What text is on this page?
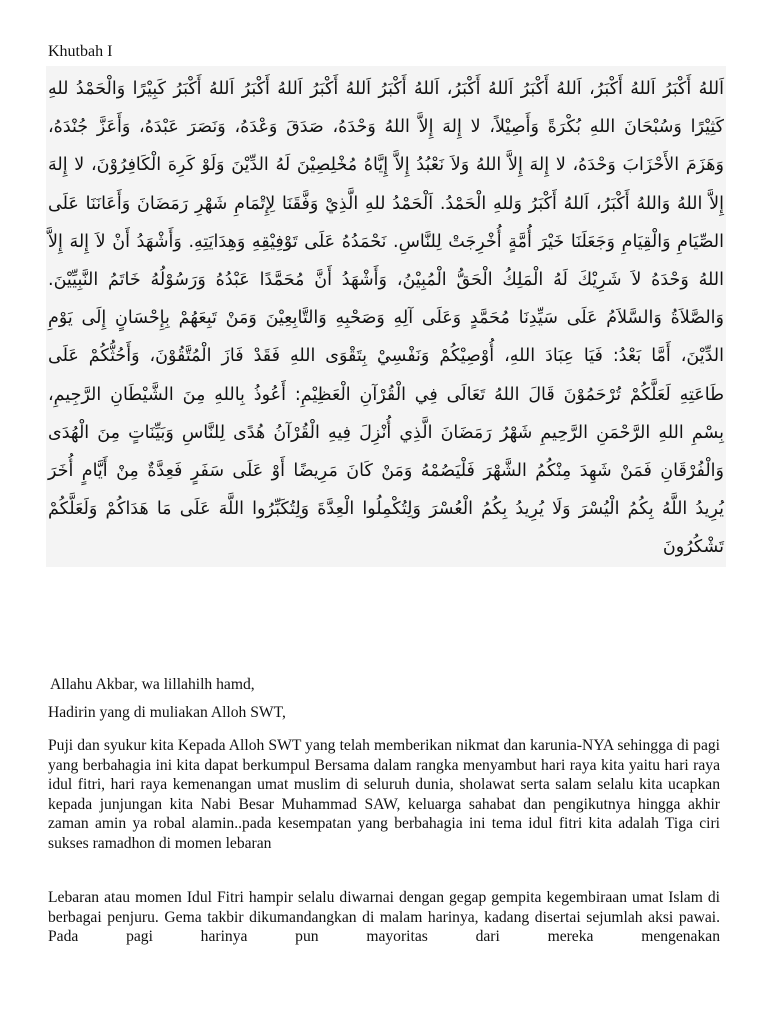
Khutbah I
اَللهُ أَكْبَرُ اَللهُ أَكْبَرُ، اَللهُ أَكْبَرُ اَللهُ أَكْبَرُ، اَللهُ أَكْبَرُ اَللهُ أَكْبَرُ اَللهُ أَكْبَرُ اَللهُ أَكْبَرُ كَبِيْرًا وَالْحَمْدُ للهِ كَثِيْرًا وَسُبْحَانَ اللهِ بُكْرَةً وَأَصِيْلاً، لا إِلهَ إِلاَّ اللهُ وَحْدَهُ، صَدَقَ وَعْدَهُ، وَنَصَرَ عَبْدَهُ، وَأَعَزَّ جُنْدَهُ، وَهَزَمَ الأَحْزَابَ وَحْدَهُ، لا إِلهَ إِلاَّ اللهُ وَلاَ نَعْبُدُ إِلاَّ إِيَّاهُ مُخْلِصِيْنَ لَهُ الدِّيْنَ وَلَوْ كَرِهَ الْكَافِرُوْنَ، لا إِلهَ إِلاَّ اللهُ وَاللهُ أَكْبَرُ، اَللهُ أَكْبَرُ وَللهِ الْحَمْدُ. اَلْحَمْدُ للهِ الَّذِيْ وَفَّقَنَا لِإِتْمَامِ شَهْرِ رَمَضَانَ وَأَعَانَنَا عَلَى الصِّيَامِ وَالْقِيَامِ وَجَعَلَنَا خَيْرَ أُمَّةٍ أُخْرِجَتْ لِلنَّاسِ. نَحْمَدُهُ عَلَى تَوْفِيْقِهِ وَهِدَايَتِهِ. وَأَشْهَدُ أَنْ لاَ إِلهَ إِلاَّ اللهُ وَحْدَهُ لاَ شَرِيْكَ لَهُ الْمَلِكُ الْحَقُّ الْمُبِيْنُ، وَأَشْهَدُ أَنَّ مُحَمَّدًا عَبْدُهُ وَرَسُوْلُهُ خَاتَمُ النَّبِيِّيْنَ. وَالصَّلاَةُ وَالسَّلاَمُ عَلَى سَيِّدِنَا مُحَمَّدٍ وَعَلَى آلِهِ وَصَحْبِهِ وَالتَّابِعِيْنَ وَمَنْ تَبِعَهُمْ بِإِحْسَانٍ إِلَى يَوْمِ الدِّيْنَ، أَمَّا بَعْدُ: فَيَا عِبَادَ اللهِ، أُوْصِيْكُمْ وَنَفْسِيْ بِتَقْوَى اللهِ فَقَدْ فَازَ الْمُتَّقُوْنَ، وَأَحُثُّكُمْ عَلَى طَاعَتِهِ لَعَلَّكُمْ تُرْحَمُوْنَ قَالَ اللهُ تَعَالَى فِي الْقُرْآنِ الْعَظِيْمِ: أَعُوذُ بِاللهِ مِنَ الشَّيْطَانِ الرَّجِيمِ، بِسْمِ اللهِ الرَّحْمَنِ الرَّحِيمِ شَهْرُ رَمَضَانَ الَّذِي أُنْزِلَ فِيهِ الْقُرْآنُ هُدًى لِلنَّاسِ وَبَيِّنَاتٍ مِنَ الْهُدَى وَالْفُرْقَانِ فَمَنْ شَهِدَ مِنْكُمُ الشَّهْرَ فَلْيَصُمْهُ وَمَنْ كَانَ مَرِيضًا أَوْ عَلَى سَفَرٍ فَعِدَّةٌ مِنْ أَيَّامٍ أُخَرَ يُرِيدُ اللَّهُ بِكُمُ الْيُسْرَ وَلَا يُرِيدُ بِكُمُ الْعُسْرَ وَلِتُكْمِلُوا الْعِدَّةَ وَلِتُكَبِّرُوا اللَّهَ عَلَى مَا هَدَاكُمْ وَلَعَلَّكُمْ تَشْكُرُونَ
Allahu Akbar, wa lillahilh hamd,
Hadirin yang di muliakan Alloh SWT,
Puji dan syukur kita Kepada Alloh SWT yang telah memberikan nikmat dan karunia-NYA sehingga di pagi yang berbahagia ini kita dapat berkumpul Bersama dalam rangka menyambut hari raya kita yaitu hari raya idul fitri, hari raya kemenangan umat muslim di seluruh dunia, sholawat serta salam selalu kita ucapkan kepada junjungan kita Nabi Besar Muhammad SAW, keluarga sahabat dan pengikutnya hingga akhir zaman amin ya robal alamin..pada kesempatan yang berbahagia ini tema idul fitri kita adalah Tiga ciri sukses ramadhon di momen lebaran
Lebaran atau momen Idul Fitri hampir selalu diwarnai dengan gegap gempita kegembiraan umat Islam di berbagai penjuru. Gema takbir dikumandangkan di malam harinya, kadang disertai sejumlah aksi pawai. Pada pagi harinya pun mayoritas dari mereka mengenakan
